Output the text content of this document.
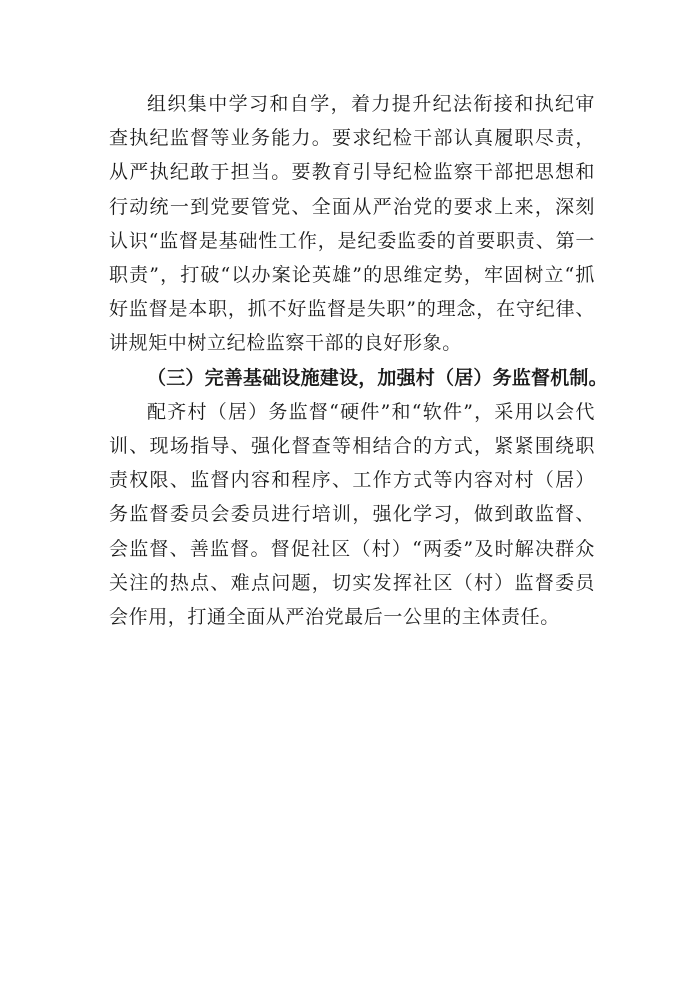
组织集中学习和自学，着力提升纪法衔接和执纪审查执纪监督等业务能力。要求纪检干部认真履职尽责，从严执纪敢于担当。要教育引导纪检监察干部把思想和行动统一到党要管党、全面从严治党的要求上来，深刻认识“监督是基础性工作，是纪委监委的首要职责、第一职责”，打破“以办案论英雄”的思维定势，牢固树立“抓好监督是本职，抓不好监督是失职”的理念，在守纪律、讲规矩中树立纪检监察干部的良好形象。

（三）完善基础设施建设，加强村（居）务监督机制。

配齐村（居）务监督“硬件”和“软件”，采用以会代训、现场指导、强化督查等相结合的方式，紧紧围绕职责权限、监督内容和程序、工作方式等内容对村（居）务监督委员会委员进行培训，强化学习，做到敢监督、会监督、善监督。督促社区（村）“两委”及时解决群众关注的热点、难点问题，切实发挥社区（村）监督委员会作用，打通全面从严治党最后一公里的主体责任。
